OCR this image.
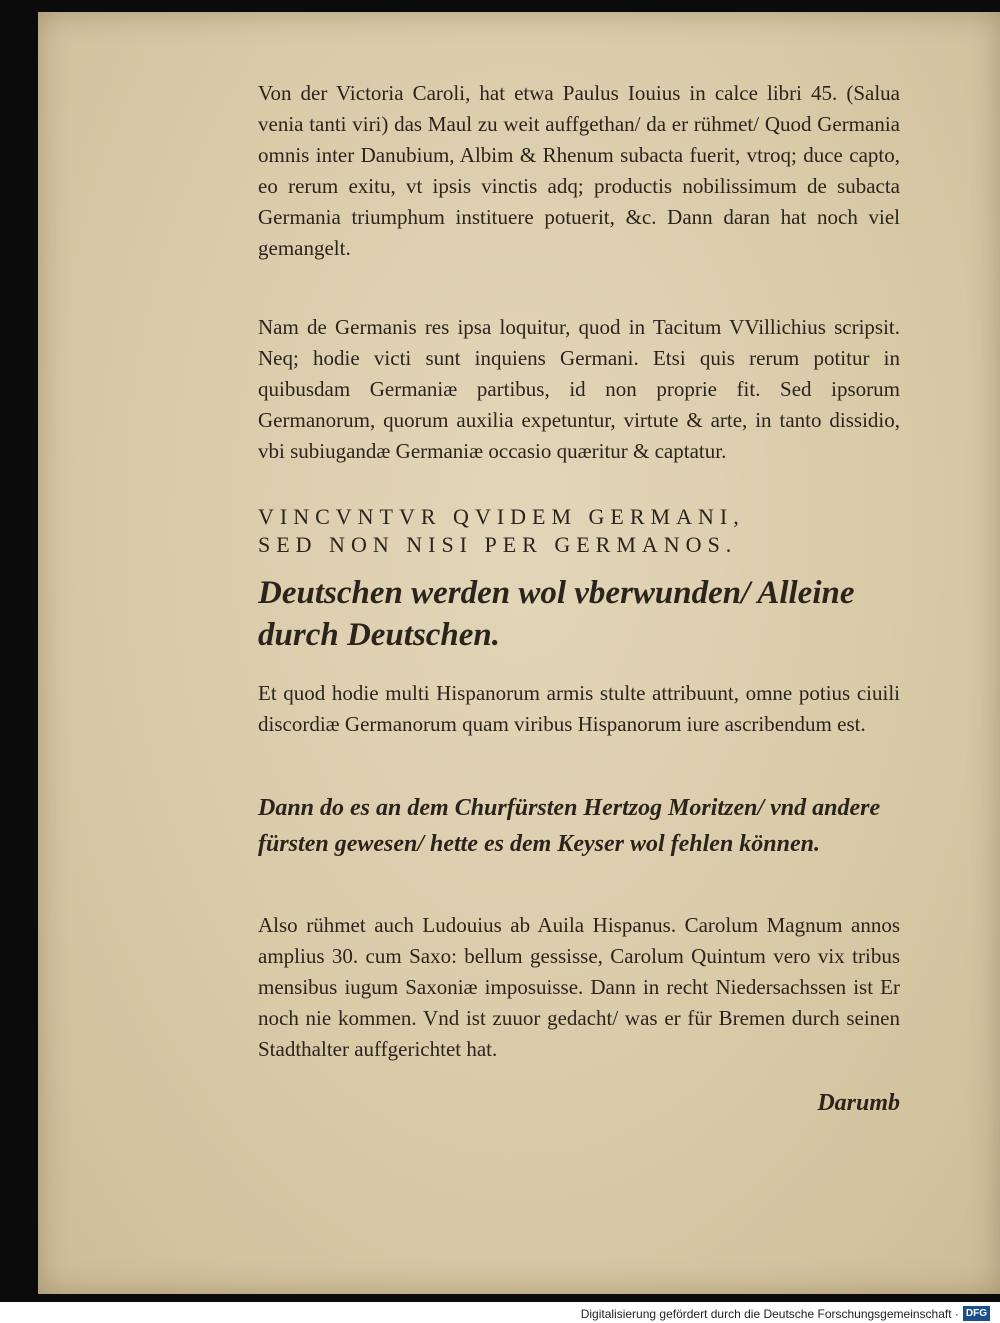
Von der Victoria Caroli, hat etwa Paulus Iouius in calce libri 45. (Salua venia tanti viri) das Maul zu weit auffgethan/ da er rühmet/ Quod Germania omnis inter Danubium, Albim & Rhenum subacta fuerit, vtroq; duce capto, eo rerum exitu, vt ipsis vinctis adq; productis nobilissimum de subacta Germania triumphum instituere potuerit, &c. Dann daran hat noch viel gemangelt.
Nam de Germanis res ipsa loquitur, quod in Tacitum VVillichius scripsit. Neq; hodie victi sunt inquiens Germani. Etsi quis rerum potitur in quibusdam Germaniæ partibus, id non proprie fit. Sed ipsorum Germanorum, quorum auxilia expetuntur, virtute & arte, in tanto dissidio, vbi subiugandæ Germaniæ occasio quæritur & captatur.
VINCVNTVR QVIDEM GERMANI,
SED NON NISI PER GERMANOS.
Deutschen werden wol vberwunden/ Alleine durch Deutschen.
Et quod hodie multi Hispanorum armis stulte attribuunt, omne potius ciuili discordiæ Germanorum quam viribus Hispanorum iure ascribendum est.
Dann do es an dem Churfürsten Hertzog Moritzen/ vnd andere fürsten gewesen/ hette es dem Keyser wol fehlen können.
Also rühmet auch Ludouius ab Auila Hispanus. Carolum Magnum annos amplius 30. cum Saxo: bellum gessisse, Carolum Quintum vero vix tribus mensibus iugum Saxoniæ imposuisse. Dann in recht Niedersachssen ist Er noch nie kommen. Vnd ist zuuor gedacht/ was er für Bremen durch seinen Stadthalter auffgerichtet hat.
Darumb
Digitalisierung gefördert durch die Deutsche Forschungsgemeinschaft · DFG
